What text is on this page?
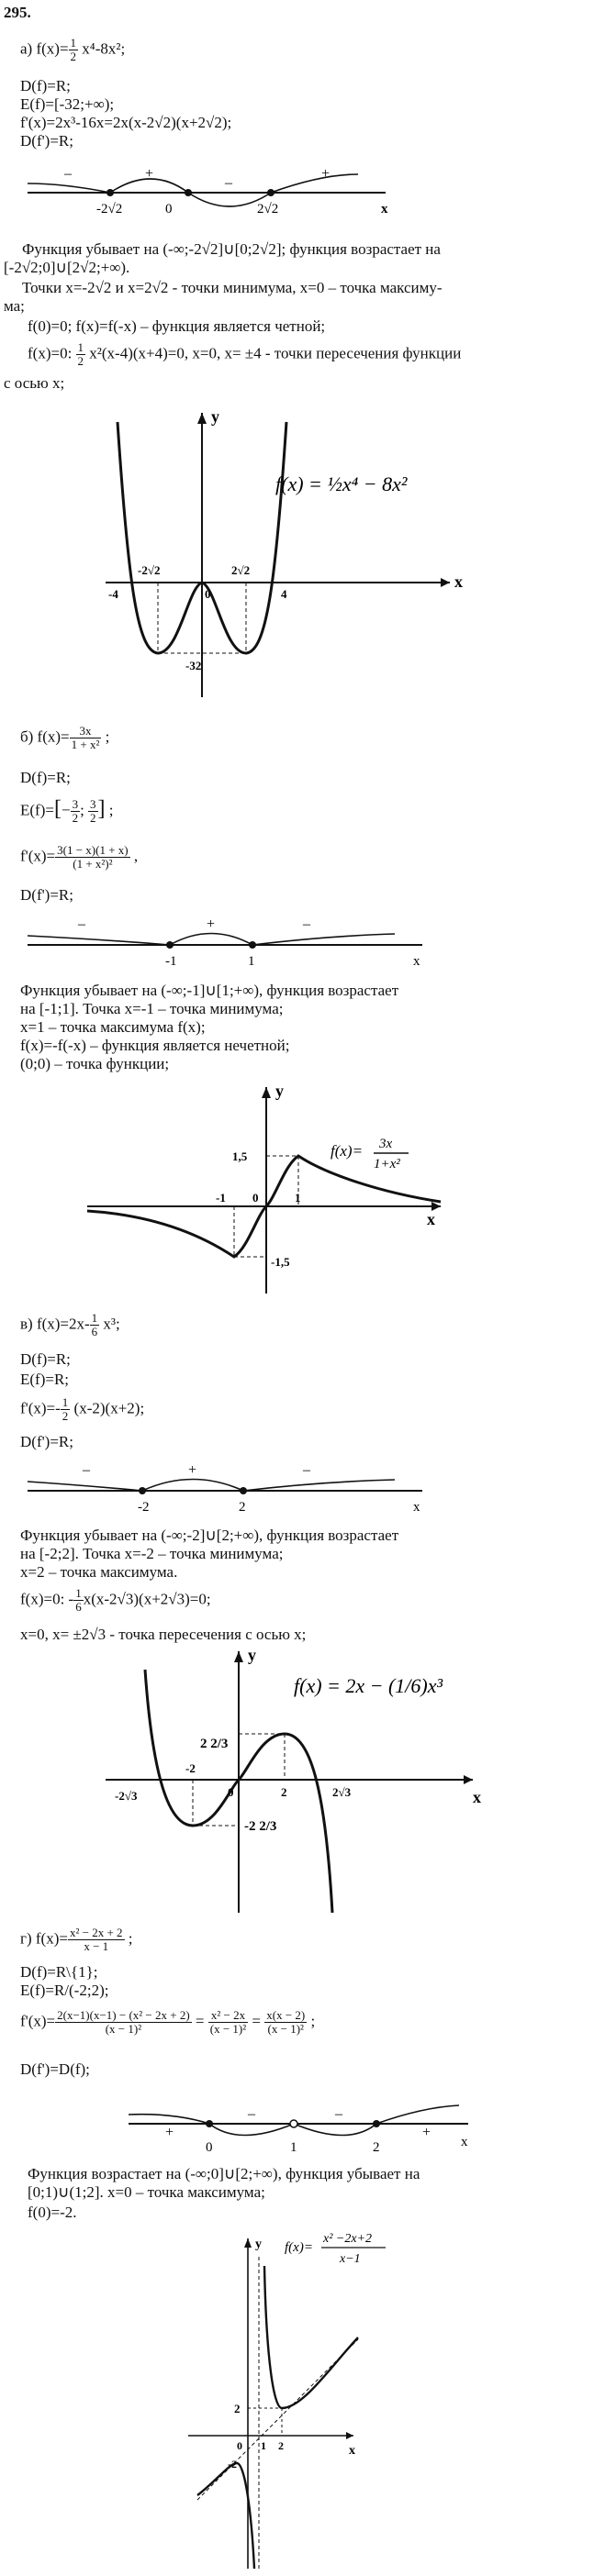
295.
а) $f(x)= \frac{1}{2} x^4-8x^2$;
D(f)=R;
E(f)=[-32;+∞);
f'(x)=2x³-16x=2x(x-2√2)(x+2√2);
D(f')=R;
–	+
–
+
-2√2	0	2√2	x
Функция убывает на (-∞;-2√2]∪[0;2√2]; функция возрастает на
[-2√2;0]∪[2√2;+∞).
Точки x=-2√2 и x=2√2 - точки минимума, x=0 – точка максиму-
ма;
f(0)=0; f(x)=f(-x) – функция является четной;
f(x)=0: $\frac{1}{2} x^2(x-4)(x+4)=0$, x=0, x= ±4 - точки пересечения функции
с осью x;
y
x
-4
-2√2
0
2√2
4
-32
f(x) = ½x⁴ − 8x²
б) $f(x)= \frac{3x}{\text{1 + x²}}$ ;
D(f)=R;
$E(f)=[- \frac{3}{2}$ ; $\frac{3}{2}$ ] ;
$f'(x)= \frac{3(1 - x)(1 + x)}{\text{(1 + x²)²}}$ ,
D(f')=R;
–	+	–
-1	1	x
Функция убывает на (-∞;-1]∪[1;+∞), функция возрастает
на [-1;1]. Точка x=-1 – точка минимума;
x=1 – точка максимума f(x);
f(x)=-f(-x) – функция является нечетной;
(0;0) – точка функции;
y
x
1,5
-1 0	1
-1,5
f(x)= 3x
1+x²
в) $f(x)=2x- \frac{1}{6} x^3$;
D(f)=R;
E(f)=R;
$f'(x)=- \frac{1}{2} (x-2)(x+2)$;
D(f')=R;
–	+	–
-2	2	x
Функция убывает на (-∞;-2]∪[2;+∞), функция возрастает
на [-2;2]. Точка x=-2 – точка минимума;
x=2 – точка максимума.
f(x)=0: - $\frac{1}{6} x(x-2√3)(x+2√3)=0$;
x=0, x= ±2√3 - точка пересечения с осью x;
y
x
2 2/3
-2
-2√3	0	2	2√3
-2 2/3
f(x) = 2x − (1/6)x³
г) $f(x)= \frac{\text{x² − 2x + 2}}{x - 1}$ ;
D(f)=R\{1};
E(f)=R/(-2;2);
$f'(x)= \frac{\text{2(x−1)(x−1) − (x² − 2x + 2)}}{\text{(x − 1)²}} = \frac{\text{x² − 2x}}{\text{(x − 1)²}} = \frac{x(x - 2)}{\text{(x − 1)²}}$ ;
D(f')=D(f);
+
–	–
+
0	1	2	x
Функция возрастает на (-∞;0]∪[2;+∞), функция убывает на
[0;1)∪(1;2]. x=0 – точка максимума;
f(0)=-2.
y
x
2
0 1 2
-2
f(x)=
x² −2x+2
x−1
